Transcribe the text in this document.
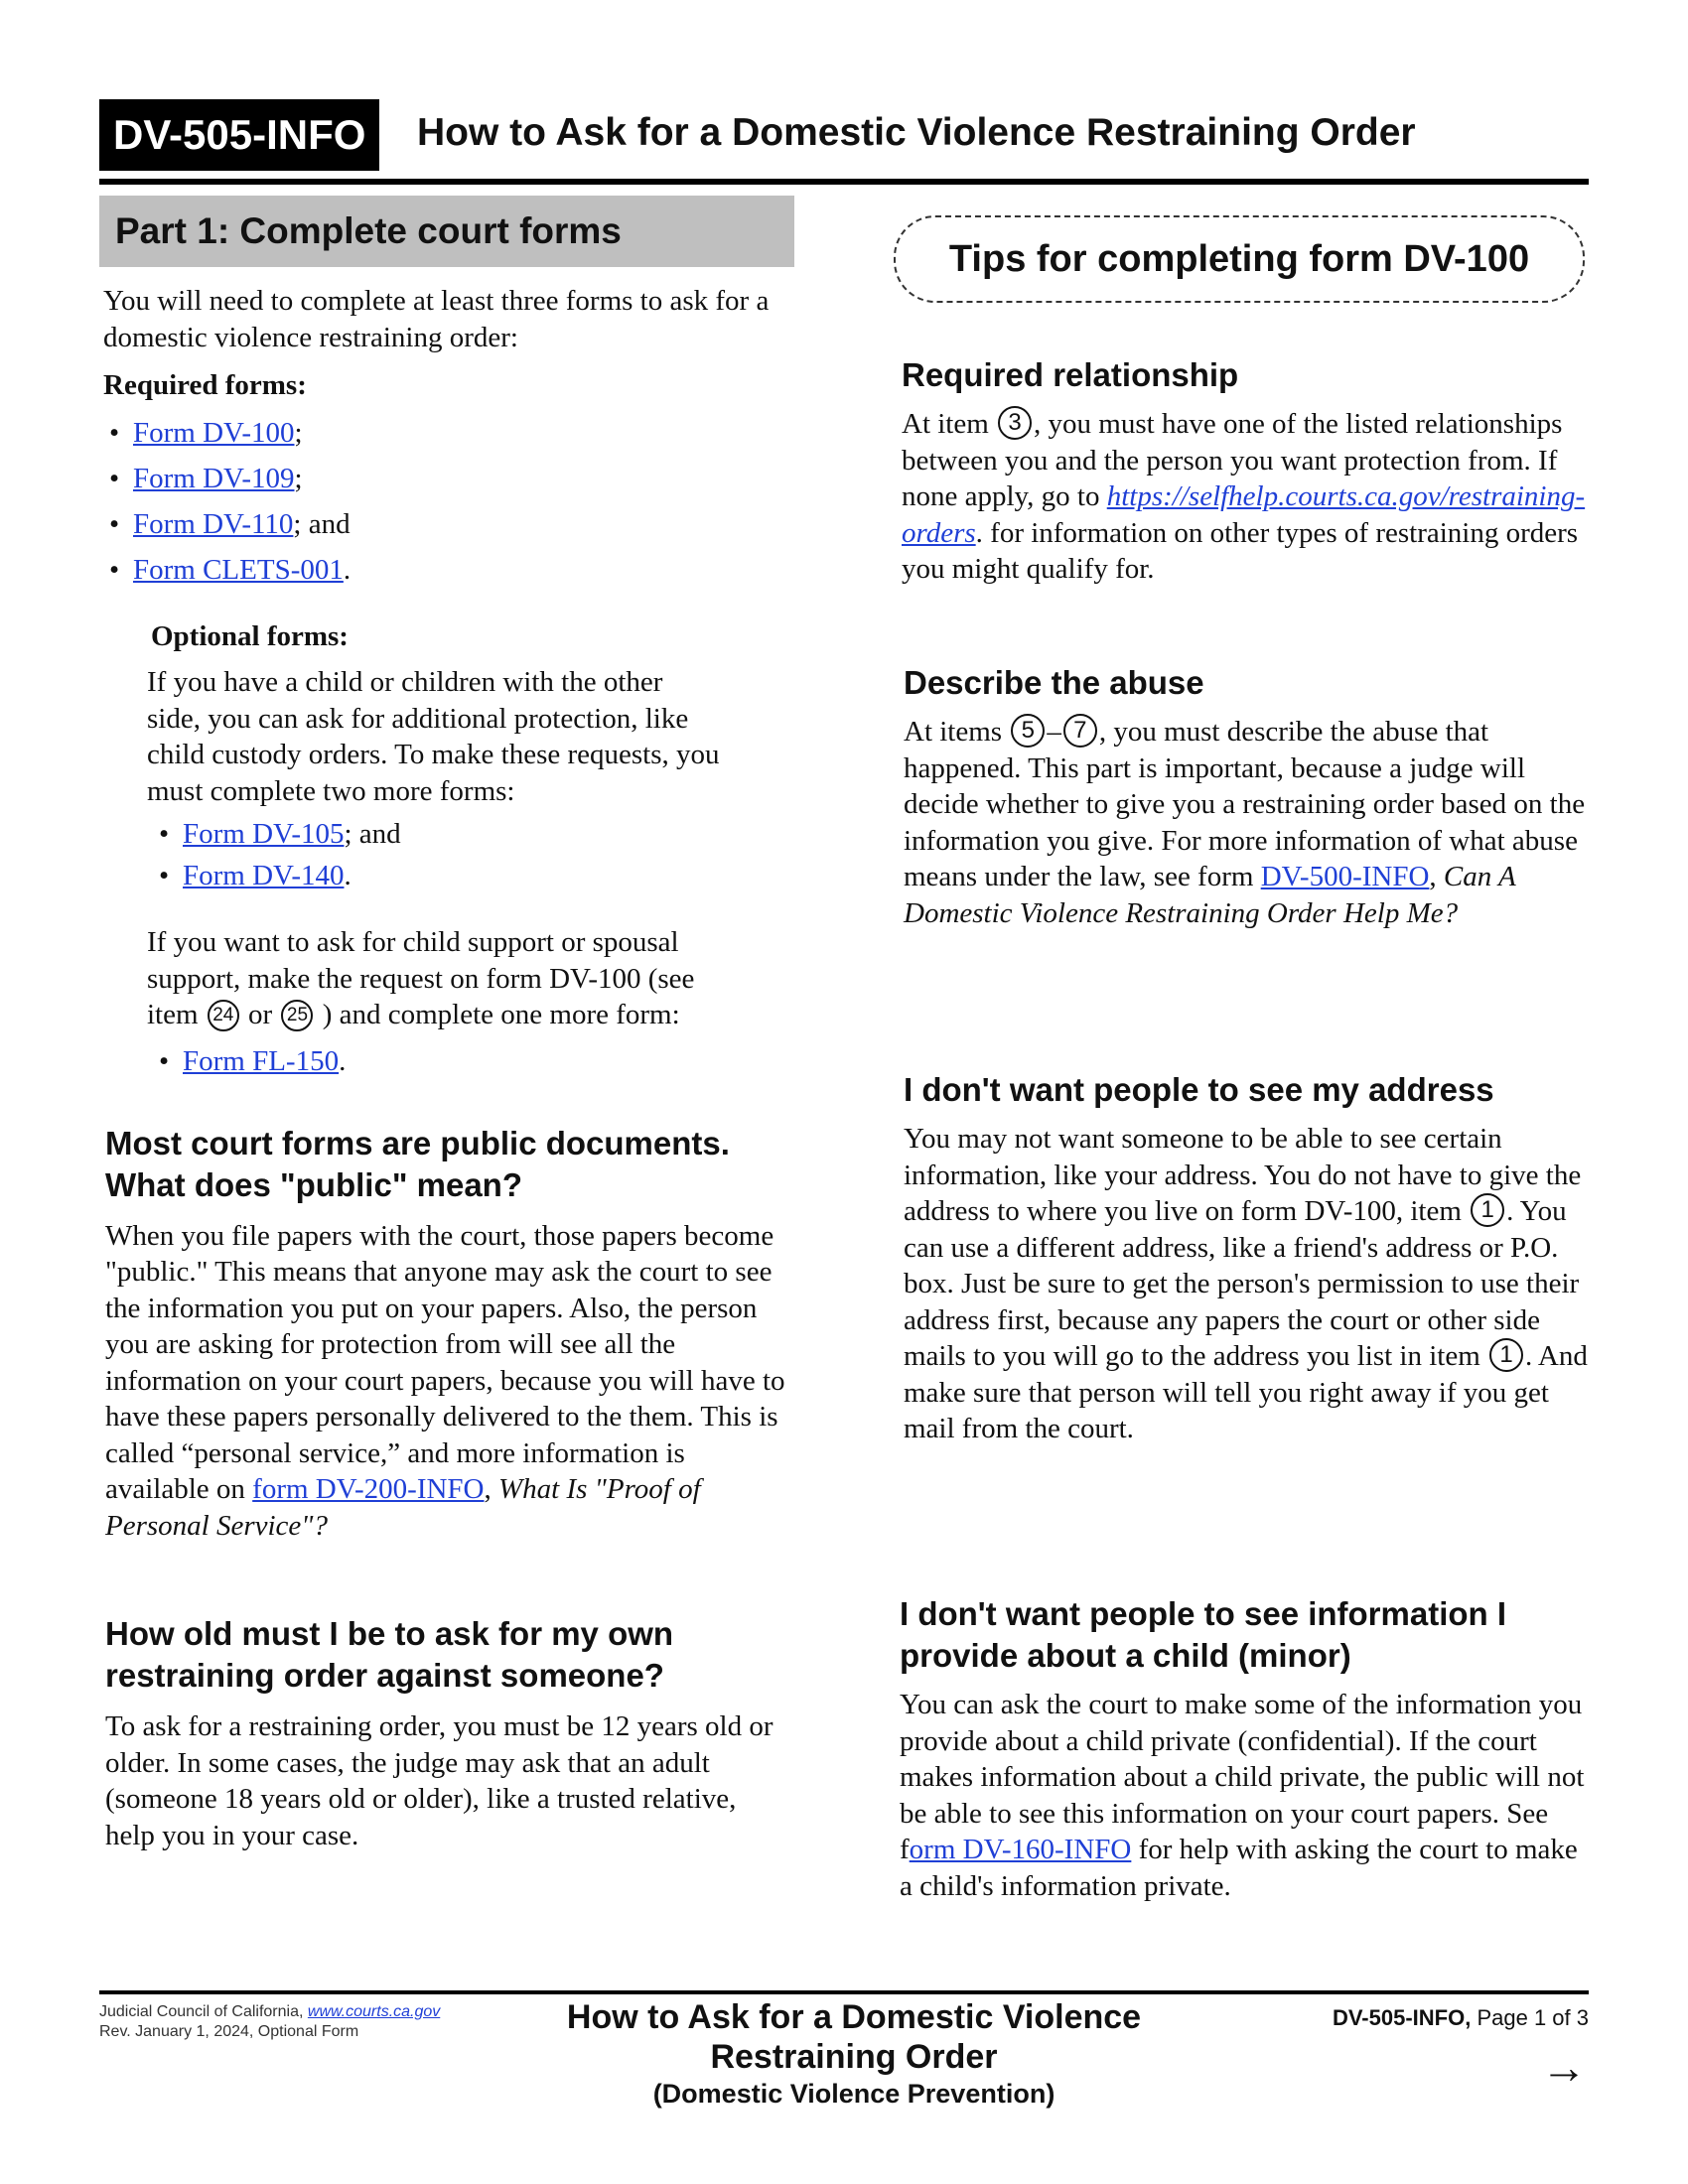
DV-505-INFO	How to Ask for a Domestic Violence Restraining Order
Part 1: Complete court forms

You will need to complete at least three forms to ask for a domestic violence restraining order:

Required forms:

• Form DV-100;
• Form DV-109;
• Form DV-110; and
• Form CLETS-001.

Optional forms:

If you have a child or children with the other side, you can ask for additional protection, like child custody orders. To make these requests, you must complete two more forms:

• Form DV-105; and
• Form DV-140.

If you want to ask for child support or spousal support, make the request on form DV-100 (see item 24 or 25 ) and complete one more form:

• Form FL-150.

Most court forms are public documents. What does "public" mean?

When you file papers with the court, those papers become "public." This means that anyone may ask the court to see the information you put on your papers. Also, the person you are asking for protection from will see all the information on your court papers, because you will have to have these papers personally delivered to the them. This is called “personal service,” and more information is available on form DV-200-INFO, What Is "Proof of Personal Service"?

How old must I be to ask for my own restraining order against someone?

To ask for a restraining order, you must be 12 years old or older. In some cases, the judge may ask that an adult (someone 18 years old or older), like a trusted relative, help you in your case.

Tips for completing form DV-100

Required relationship

At item 3 , you must have one of the listed relationships between you and the person you want protection from. If none apply, go to https://selfhelp.courts.ca.gov/restraining-orders. for information on other types of restraining orders you might qualify for.

Describe the abuse

At items 5 – 7 , you must describe the abuse that happened. This part is important, because a judge will decide whether to give you a restraining order based on the information you give. For more information of what abuse means under the law, see form DV-500-INFO, Can A Domestic Violence Restraining Order Help Me?

I don't want people to see my address

You may not want someone to be able to see certain information, like your address. You do not have to give the address to where you live on form DV-100, item 1 . You can use a different address, like a friend's address or P.O. box. Just be sure to get the person's permission to use their address first, because any papers the court or other side mails to you will go to the address you list in item 1 . And make sure that person will tell you right away if you get mail from the court.

I don't want people to see information I provide about a child (minor)

You can ask the court to make some of the information you provide about a child private (confidential). If the court makes information about a child private, the public will not be able to see this information on your court papers. See form DV-160-INFO for help with asking the court to make a child's information private.

Judicial Council of California, www.courts.ca.gov
Rev. January 1, 2024, Optional Form	How to Ask for a Domestic Violence Restraining Order
(Domestic Violence Prevention)
DV-505-INFO, Page 1 of 3
→
